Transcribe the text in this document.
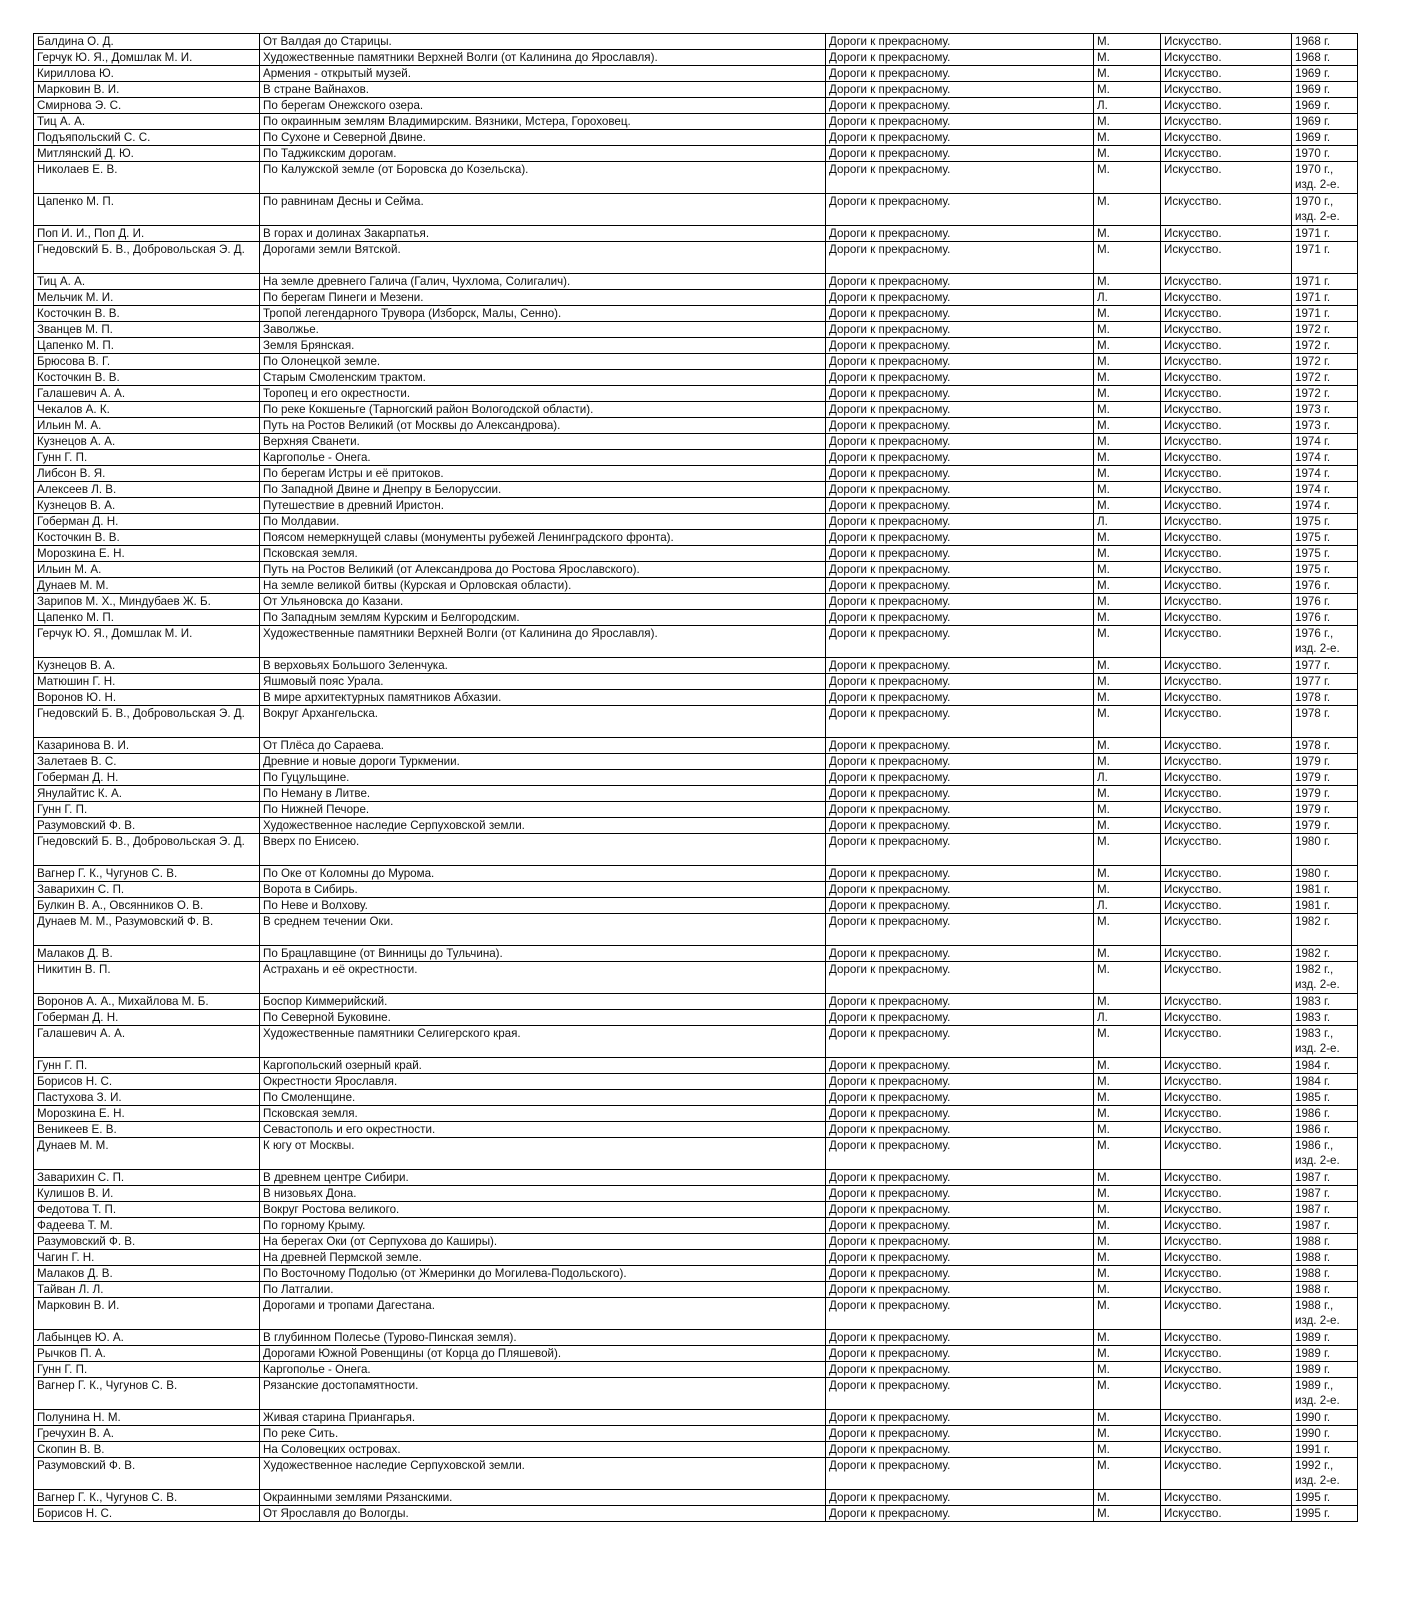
Балдина О. Д.	От Валдая до Старицы.	Дороги к прекрасному.	М.	Искусство.	1968 г.
Герчук Ю. Я., Домшлак М. И.	Художественные памятники Верхней Волги (от Калинина до Ярославля).	Дороги к прекрасному.	М.	Искусство.	1968 г.
Кириллова Ю.	Армения - открытый музей.	Дороги к прекрасному.	М.	Искусство.	1969 г.
Марковин В. И.	В стране Вайнахов.	Дороги к прекрасному.	М.	Искусство.	1969 г.
Смирнова Э. С.	По берегам Онежского озера.	Дороги к прекрасному.	Л.	Искусство.	1969 г.
Тиц А. А.	По окраинным землям Владимирским. Вязники, Мстера, Гороховец.	Дороги к прекрасному.	М.	Искусство.	1969 г.
Подъяпольский С. С.	По Сухоне и Северной Двине.	Дороги к прекрасному.	М.	Искусство.	1969 г.
Митлянский Д. Ю.	По Таджикским дорогам.	Дороги к прекрасному.	М.	Искусство.	1970 г.
Николаев Е. В.	По Калужской земле (от Боровска до Козельска).	Дороги к прекрасному.	М.	Искусство.	1970 г.,
изд. 2-е.
Цапенко М. П.	По равнинам Десны и Сейма.	Дороги к прекрасному.	М.	Искусство.	1970 г.,
изд. 2-е.
Поп И. И., Поп Д. И.	В горах и долинах Закарпатья.	Дороги к прекрасному.	М.	Искусство.	1971 г.
Гнедовский Б. В., Добровольская Э. Д.	Дорогами земли Вятской.	Дороги к прекрасному.	М.	Искусство.	1971 г.
Тиц А. А.	На земле древнего Галича (Галич, Чухлома, Солигалич).	Дороги к прекрасному.	М.	Искусство.	1971 г.
Мельчик М. И.	По берегам Пинеги и Мезени.	Дороги к прекрасному.	Л.	Искусство.	1971 г.
Косточкин В. В.	Тропой легендарного Трувора (Изборск, Малы, Сенно).	Дороги к прекрасному.	М.	Искусство.	1971 г.
Званцев М. П.	Заволжье.	Дороги к прекрасному.	М.	Искусство.	1972 г.
Цапенко М. П.	Земля Брянская.	Дороги к прекрасному.	М.	Искусство.	1972 г.
Брюсова В. Г.	По Олонецкой земле.	Дороги к прекрасному.	М.	Искусство.	1972 г.
Косточкин В. В.	Старым Смоленским трактом.	Дороги к прекрасному.	М.	Искусство.	1972 г.
Галашевич А. А.	Торопец и его окрестности.	Дороги к прекрасному.	М.	Искусство.	1972 г.
Чекалов А. К.	По реке Кокшеньге (Тарногский район Вологодской области).	Дороги к прекрасному.	М.	Искусство.	1973 г.
Ильин М. А.	Путь на Ростов Великий (от Москвы до Александрова).	Дороги к прекрасному.	М.	Искусство.	1973 г.
Кузнецов А. А.	Верхняя Сванети.	Дороги к прекрасному.	М.	Искусство.	1974 г.
Гунн Г. П.	Каргополье - Онега.	Дороги к прекрасному.	М.	Искусство.	1974 г.
Либсон В. Я.	По берегам Истры и её притоков.	Дороги к прекрасному.	М.	Искусство.	1974 г.
Алексеев Л. В.	По Западной Двине и Днепру в Белоруссии.	Дороги к прекрасному.	М.	Искусство.	1974 г.
Кузнецов В. А.	Путешествие в древний Иристон.	Дороги к прекрасному.	М.	Искусство.	1974 г.
Гоберман Д. Н.	По Молдавии.	Дороги к прекрасному.	Л.	Искусство.	1975 г.
Косточкин В. В.	Поясом немеркнущей славы (монументы рубежей Ленинградского фронта).	Дороги к прекрасному.	М.	Искусство.	1975 г.
Морозкина Е. Н.	Псковская земля.	Дороги к прекрасному.	М.	Искусство.	1975 г.
Ильин М. А.	Путь на Ростов Великий (от Александрова до Ростова Ярославского).	Дороги к прекрасному.	М.	Искусство.	1975 г.
Дунаев М. М.	На земле великой битвы (Курская и Орловская области).	Дороги к прекрасному.	М.	Искусство.	1976 г.
Зарипов М. Х., Миндубаев Ж. Б.	От Ульяновска до Казани.	Дороги к прекрасному.	М.	Искусство.	1976 г.
Цапенко М. П.	По Западным землям Курским и Белгородским.	Дороги к прекрасному.	М.	Искусство.	1976 г.
Герчук Ю. Я., Домшлак М. И.	Художественные памятники Верхней Волги (от Калинина до Ярославля).	Дороги к прекрасному.	М.	Искусство.	1976 г.,
изд. 2-е.
Кузнецов В. А.	В верховьях Большого Зеленчука.	Дороги к прекрасному.	М.	Искусство.	1977 г.
Матюшин Г. Н.	Яшмовый пояс Урала.	Дороги к прекрасному.	М.	Искусство.	1977 г.
Воронов Ю. Н.	В мире архитектурных памятников Абхазии.	Дороги к прекрасному.	М.	Искусство.	1978 г.
Гнедовский Б. В., Добровольская Э. Д.	Вокруг Архангельска.	Дороги к прекрасному.	М.	Искусство.	1978 г.
Казаринова В. И.	От Плёса до Сараева.	Дороги к прекрасному.	М.	Искусство.	1978 г.
Залетаев В. С.	Древние и новые дороги Туркмении.	Дороги к прекрасному.	М.	Искусство.	1979 г.
Гоберман Д. Н.	По Гуцульщине.	Дороги к прекрасному.	Л.	Искусство.	1979 г.
Янулайтис К. А.	По Неману в Литве.	Дороги к прекрасному.	М.	Искусство.	1979 г.
Гунн Г. П.	По Нижней Печоре.	Дороги к прекрасному.	М.	Искусство.	1979 г.
Разумовский Ф. В.	Художественное наследие Серпуховской земли.	Дороги к прекрасному.	М.	Искусство.	1979 г.
Гнедовский Б. В., Добровольская Э. Д.	Вверх по Енисею.	Дороги к прекрасному.	М.	Искусство.	1980 г.
Вагнер Г. К., Чугунов С. В.	По Оке от Коломны до Мурома.	Дороги к прекрасному.	М.	Искусство.	1980 г.
Заварихин С. П.	Ворота в Сибирь.	Дороги к прекрасному.	М.	Искусство.	1981 г.
Булкин В. А., Овсянников О. В.	По Неве и Волхову.	Дороги к прекрасному.	Л.	Искусство.	1981 г.
Дунаев М. М., Разумовский Ф. В.	В среднем течении Оки.	Дороги к прекрасному.	М.	Искусство.	1982 г.
Малаков Д. В.	По Брацлавщине (от Винницы до Тульчина).	Дороги к прекрасному.	М.	Искусство.	1982 г.
Никитин В. П.	Астрахань и её окрестности.	Дороги к прекрасному.	М.	Искусство.	1982 г.,
изд. 2-е.
Воронов А. А., Михайлова М. Б.	Боспор Киммерийский.	Дороги к прекрасному.	М.	Искусство.	1983 г.
Гоберман Д. Н.	По Северной Буковине.	Дороги к прекрасному.	Л.	Искусство.	1983 г.
Галашевич А. А.	Художественные памятники Селигерского края.	Дороги к прекрасному.	М.	Искусство.	1983 г.,
изд. 2-е.
Гунн Г. П.	Каргопольский озерный край.	Дороги к прекрасному.	М.	Искусство.	1984 г.
Борисов Н. С.	Окрестности Ярославля.	Дороги к прекрасному.	М.	Искусство.	1984 г.
Пастухова З. И.	По Смоленщине.	Дороги к прекрасному.	М.	Искусство.	1985 г.
Морозкина Е. Н.	Псковская земля.	Дороги к прекрасному.	М.	Искусство.	1986 г.
Веникеев Е. В.	Севастополь и его окрестности.	Дороги к прекрасному.	М.	Искусство.	1986 г.
Дунаев М. М.	К югу от Москвы.	Дороги к прекрасному.	М.	Искусство.	1986 г.,
изд. 2-е.
Заварихин С. П.	В древнем центре Сибири.	Дороги к прекрасному.	М.	Искусство.	1987 г.
Кулишов В. И.	В низовьях Дона.	Дороги к прекрасному.	М.	Искусство.	1987 г.
Федотова Т. П.	Вокруг Ростова великого.	Дороги к прекрасному.	М.	Искусство.	1987 г.
Фадеева Т. М.	По горному Крыму.	Дороги к прекрасному.	М.	Искусство.	1987 г.
Разумовский Ф. В.	На берегах Оки (от Серпухова до Каширы).	Дороги к прекрасному.	М.	Искусство.	1988 г.
Чагин Г. Н.	На древней Пермской земле.	Дороги к прекрасному.	М.	Искусство.	1988 г.
Малаков Д. В.	По Восточному Подолью (от Жмеринки до Могилева-Подольского).	Дороги к прекрасному.	М.	Искусство.	1988 г.
Тайван Л. Л.	По Латгалии.	Дороги к прекрасному.	М.	Искусство.	1988 г.
Марковин В. И.	Дорогами и тропами Дагестана.	Дороги к прекрасному.	М.	Искусство.	1988 г.,
изд. 2-е.
Лабынцев Ю. А.	В глубинном Полесье (Турово-Пинская земля).	Дороги к прекрасному.	М.	Искусство.	1989 г.
Рычков П. А.	Дорогами Южной Ровенщины (от Корца до Пляшевой).	Дороги к прекрасному.	М.	Искусство.	1989 г.
Гунн Г. П.	Каргополье - Онега.	Дороги к прекрасному.	М.	Искусство.	1989 г.
Вагнер Г. К., Чугунов С. В.	Рязанские достопамятности.	Дороги к прекрасному.	М.	Искусство.	1989 г.,
изд. 2-е.
Полунина Н. М.	Живая старина Приангарья.	Дороги к прекрасному.	М.	Искусство.	1990 г.
Гречухин В. А.	По реке Сить.	Дороги к прекрасному.	М.	Искусство.	1990 г.
Скопин В. В.	На Соловецких островах.	Дороги к прекрасному.	М.	Искусство.	1991 г.
Разумовский Ф. В.	Художественное наследие Серпуховской земли.	Дороги к прекрасному.	М.	Искусство.	1992 г.,
изд. 2-е.
Вагнер Г. К., Чугунов С. В.	Окраинными землями Рязанскими.	Дороги к прекрасному.	М.	Искусство.	1995 г.
Борисов Н. С.	От Ярославля до Вологды.	Дороги к прекрасному.	М.	Искусство.	1995 г.
